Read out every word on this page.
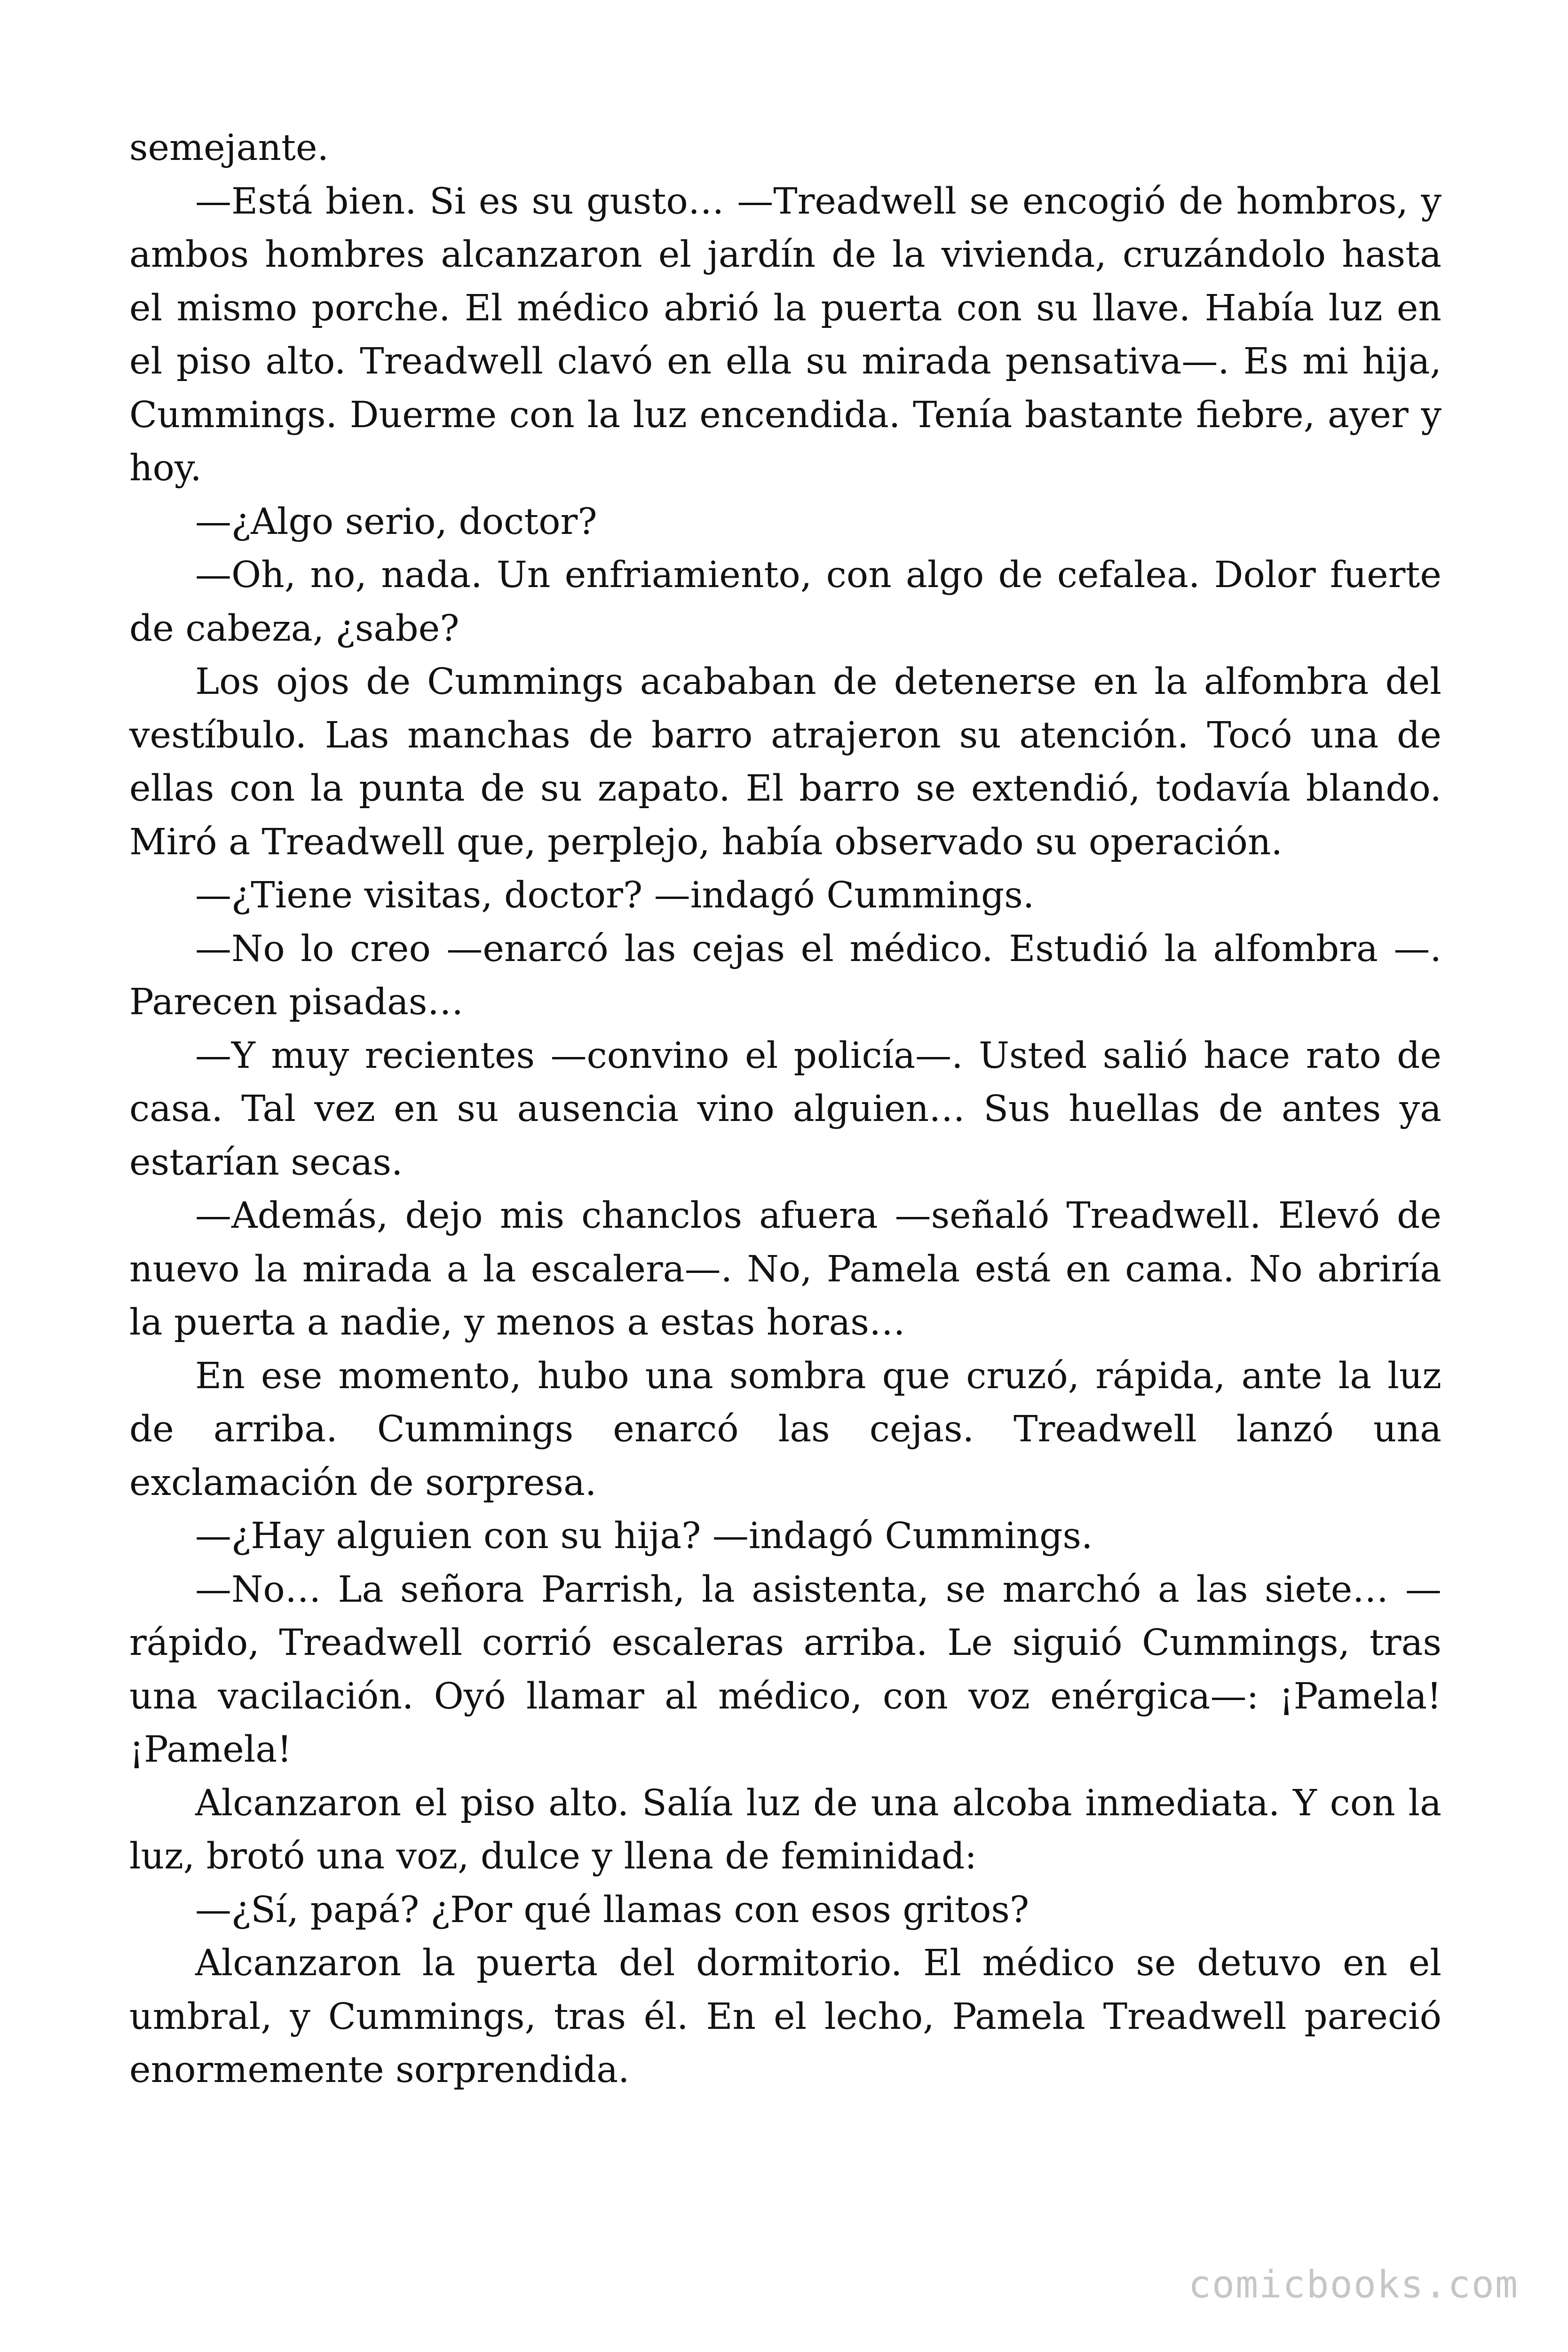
semejante.

—Está bien. Si es su gusto… —Treadwell se encogió de hombros, y ambos hombres alcanzaron el jardín de la vivienda, cruzándolo hasta el mismo porche. El médico abrió la puerta con su llave. Había luz en el piso alto. Treadwell clavó en ella su mirada pensativa—. Es mi hija, Cummings. Duerme con la luz encendida. Tenía bastante fiebre, ayer y hoy.

—¿Algo serio, doctor?

—Oh, no, nada. Un enfriamiento, con algo de cefalea. Dolor fuerte de cabeza, ¿sabe?

Los ojos de Cummings acababan de detenerse en la alfombra del vestíbulo. Las manchas de barro atrajeron su atención. Tocó una de ellas con la punta de su zapato. El barro se extendió, todavía blando. Miró a Treadwell que, perplejo, había observado su operación.

—¿Tiene visitas, doctor? —indagó Cummings.

—No lo creo —enarcó las cejas el médico. Estudió la alfombra —. Parecen pisadas…

—Y muy recientes —convino el policía—. Usted salió hace rato de casa. Tal vez en su ausencia vino alguien… Sus huellas de antes ya estarían secas.

—Además, dejo mis chanclos afuera —señaló Treadwell. Elevó de nuevo la mirada a la escalera—. No, Pamela está en cama. No abriría la puerta a nadie, y menos a estas horas…

En ese momento, hubo una sombra que cruzó, rápida, ante la luz de arriba. Cummings enarcó las cejas. Treadwell lanzó una exclamación de sorpresa.

—¿Hay alguien con su hija? —indagó Cummings.

—No… La señora Parrish, la asistenta, se marchó a las siete… —rápido, Treadwell corrió escaleras arriba. Le siguió Cummings, tras una vacilación. Oyó llamar al médico, con voz enérgica—: ¡Pamela! ¡Pamela!

Alcanzaron el piso alto. Salía luz de una alcoba inmediata. Y con la luz, brotó una voz, dulce y llena de feminidad:

—¿Sí, papá? ¿Por qué llamas con esos gritos?

Alcanzaron la puerta del dormitorio. El médico se detuvo en el umbral, y Cummings, tras él. En el lecho, Pamela Treadwell pareció enormemente sorprendida.

comicbooks.com
